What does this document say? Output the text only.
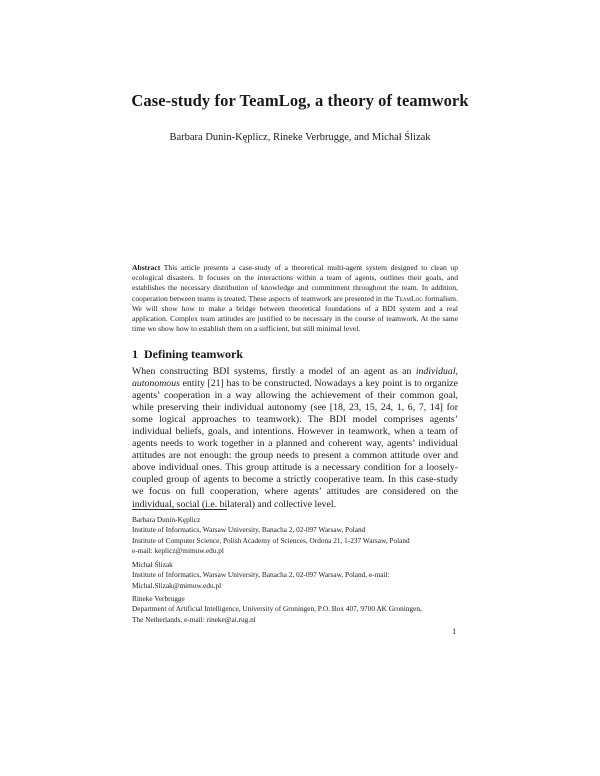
Case-study for TeamLog, a theory of teamwork

Barbara Dunin-Kęplicz, Rineke Verbrugge, and Michał Ślizak

Abstract This article presents a case-study of a theoretical multi-agent system designed to clean up ecological disasters. It focuses on the interactions within a team of agents, outlines their goals, and establishes the necessary distribution of knowledge and commitment throughout the team. In addition, cooperation between teams is treated. These aspects of teamwork are presented in the TeamLog formalism. We will show how to make a bridge between theoretical foundations of a BDI system and a real application. Complex team attitudes are justified to be necessary in the course of teamwork. At the same time we show how to establish them on a sufficient, but still minimal level.

1 Defining teamwork

When constructing BDI systems, firstly a model of an agent as an individual, autonomous entity [21] has to be constructed. Nowadays a key point is to organize agents’ cooperation in a way allowing the achievement of their common goal, while preserving their individual autonomy (see [18, 23, 15, 24, 1, 6, 7, 14] for some logical approaches to teamwork). The BDI model comprises agents’ individual beliefs, goals, and intentions. However in teamwork, when a team of agents needs to work together in a planned and coherent way, agents’ individual attitudes are not enough: the group needs to present a common attitude over and above individual ones. This group attitude is a necessary condition for a loosely-coupled group of agents to become a strictly cooperative team. In this case-study we focus on full cooperation, where agents’ attitudes are considered on the individual, social (i.e. bilateral) and collective level.

Barbara Dunin-Kęplicz
Institute of Informatics, Warsaw University, Banacha 2, 02-097 Warsaw, Poland
Institute of Computer Science, Polish Academy of Sciences, Ordona 21, 1-237 Warsaw, Poland
e-mail: keplicz@mimuw.edu.pl
Michał Ślizak
Institute of Informatics, Warsaw University, Banacha 2, 02-097 Warsaw, Poland, e-mail:
Michal.Slizak@mimuw.edu.pl
Rineke Verbrugge
Department of Artificial Intelligence, University of Groningen, P.O. Box 407, 9700 AK Groningen,
The Netherlands, e-mail: rineke@ai.rug.nl
1
